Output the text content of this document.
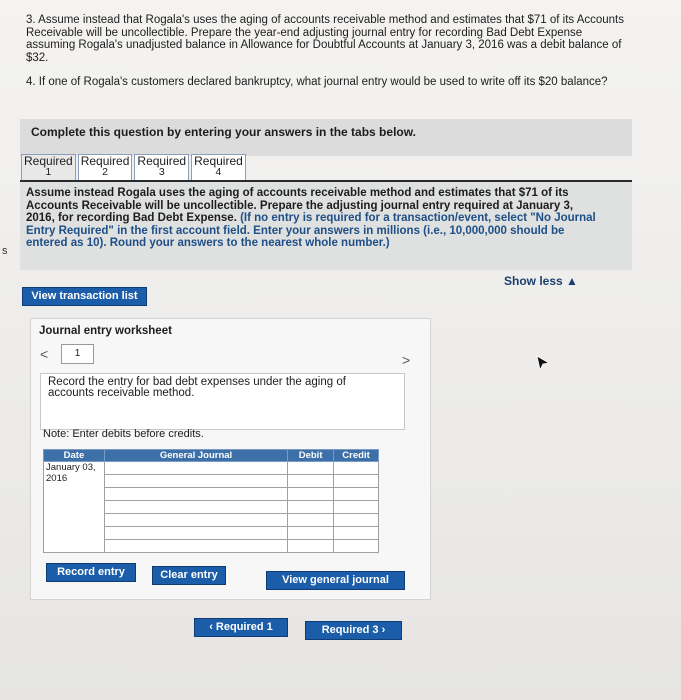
3. Assume instead that Rogala's uses the aging of accounts receivable method and estimates that $71 of its Accounts Receivable will be uncollectible. Prepare the year-end adjusting journal entry for recording Bad Debt Expense assuming Rogala's unadjusted balance in Allowance for Doubtful Accounts at January 3, 2016 was a debit balance of $32.
4. If one of Rogala's customers declared bankruptcy, what journal entry would be used to write off its $20 balance?
Complete this question by entering your answers in the tabs below.
Required
1
Required
2
Required
3
Required
4
Assume instead Rogala uses the aging of accounts receivable method and estimates that $71 of its Accounts Receivable will be uncollectible. Prepare the adjusting journal entry required at January 3, 2016, for recording Bad Debt Expense. (If no entry is required for a transaction/event, select "No Journal Entry Required" in the first account field. Enter your answers in millions (i.e., 10,000,000 should be entered as 10). Round your answers to the nearest whole number.)
s
Show less ▲
View transaction list
Journal entry worksheet
<	1	>
Record the entry for bad debt expenses under the aging of accounts receivable method.
Note: Enter debits before credits.
Date	General Journal	Debit	Credit
January 03, 2016			

Record entry	Clear entry	View general journal
‹ Required 1	Required 3 ›
